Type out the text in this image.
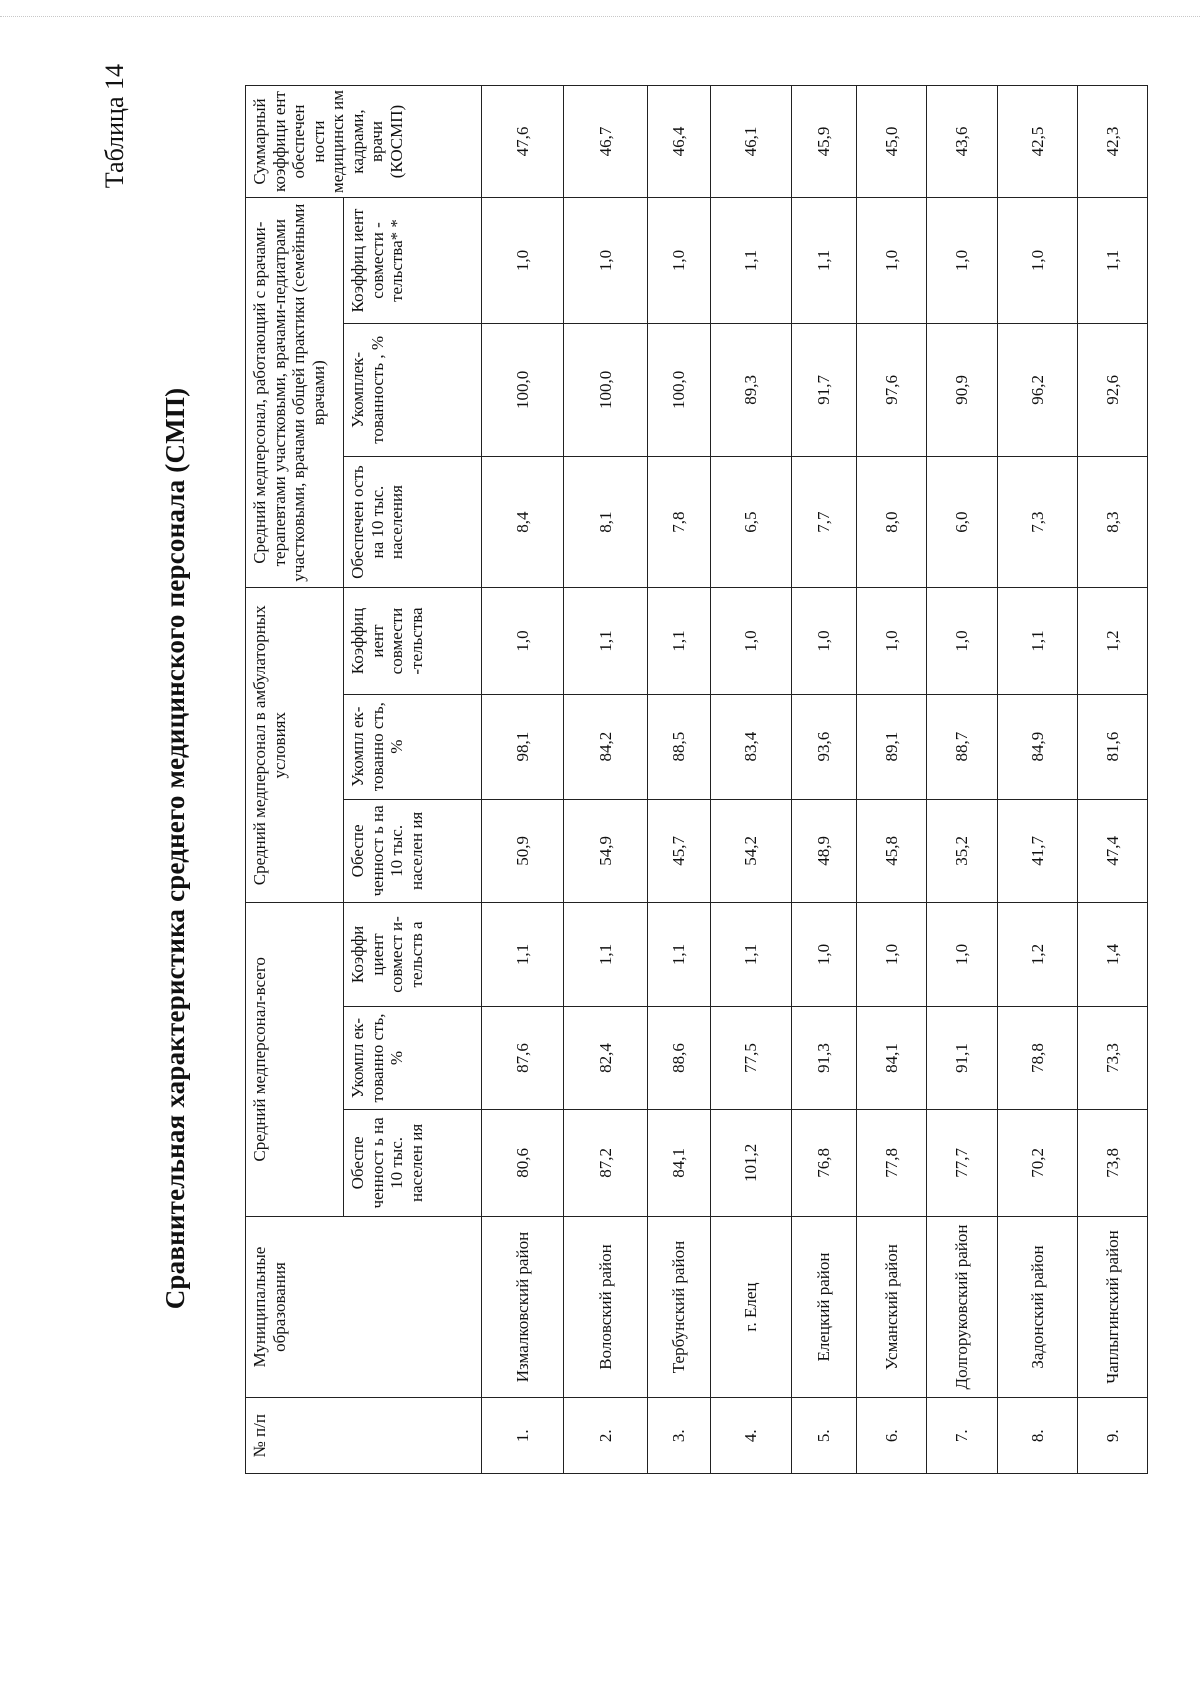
Таблица 14
Сравнительная характеристика среднего медицинского персонала (СМП)
№ п/п	Муниципальные образования	Средний медперсонал-всего			Средний медперсонал в амбулаторных условиях			Средний медперсонал, работающий с врачами-терапевтами участковыми, врачами-педиатрами участковыми, врачами общей практики (семейными врачами)			Суммарный коэффици ент обеспечен ности медицинск им кадрами, врачи (КОСМП)
		Обеспе ченност ь на 10 тыс. населен ия	Укомпл ек- тованно сть, %	Коэффи циент совмест и- тельств а	Обеспе ченност ь на 10 тыс. населен ия	Укомпл ек- тованно сть, %	Коэффиц иент совмести -тельства	Обеспечен ость на 10 тыс. населения	Укомплек- тованность , %	Коэффиц иент совмести - тельства* *	
1.	Измалковский район	80,6	87,6	1,1	50,9	98,1	1,0	8,4	100,0	1,0	47,6
2.	Воловский район	87,2	82,4	1,1	54,9	84,2	1,1	8,1	100,0	1,0	46,7
3.	Тербунский район	84,1	88,6	1,1	45,7	88,5	1,1	7,8	100,0	1,0	46,4
4.	г. Елец	101,2	77,5	1,1	54,2	83,4	1,0	6,5	89,3	1,1	46,1
5.	Елецкий район	76,8	91,3	1,0	48,9	93,6	1,0	7,7	91,7	1,1	45,9
6.	Усманский район	77,8	84,1	1,0	45,8	89,1	1,0	8,0	97,6	1,0	45,0
7.	Долгоруковский район	77,7	91,1	1,0	35,2	88,7	1,0	6,0	90,9	1,0	43,6
8.	Задонский район	70,2	78,8	1,2	41,7	84,9	1,1	7,3	96,2	1,0	42,5
9.	Чаплыгинский район	73,8	73,3	1,4	47,4	81,6	1,2	8,3	92,6	1,1	42,3
